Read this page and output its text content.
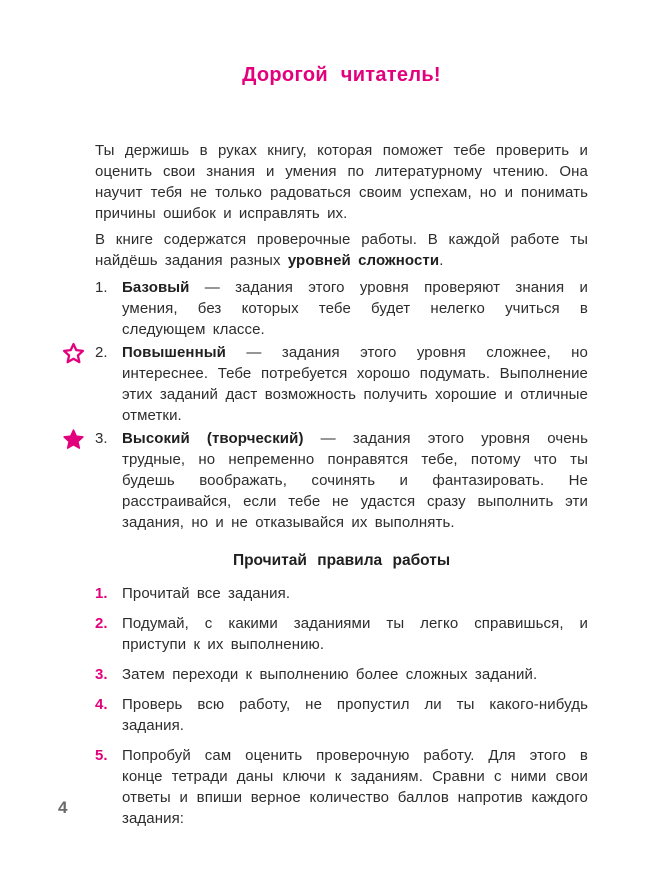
Дорогой читатель!

Ты держишь в руках книгу, которая поможет тебе проверить и оценить свои знания и умения по литературному чтению. Она научит тебя не только радоваться своим успехам, но и понимать причины ошибок и исправлять их.

В книге содержатся проверочные работы. В каждой работе ты найдёшь задания разных уровней сложности.

1. Базовый — задания этого уровня проверяют знания и умения, без которых тебе будет нелегко учиться в следующем классе.

2. Повышенный — задания этого уровня сложнее, но интереснее. Тебе потребуется хорошо подумать. Выполнение этих заданий даст возможность получить хорошие и отличные отметки.

3. Высокий (творческий) — задания этого уровня очень трудные, но непременно понравятся тебе, потому что ты будешь воображать, сочинять и фантазировать. Не расстраивайся, если тебе не удастся сразу выполнить эти задания, но и не отказывайся их выполнять.

Прочитай правила работы
1. Прочитай все задания.

2. Подумай, с какими заданиями ты легко справишься, и приступи к их выполнению.

3. Затем переходи к выполнению более сложных заданий.

4. Проверь всю работу, не пропустил ли ты какого-нибудь задания.

5. Попробуй сам оценить проверочную работу. Для этого в конце тетради даны ключи к заданиям. Сравни с ними свои ответы и впиши верное количество баллов напротив каждого задания:

4
